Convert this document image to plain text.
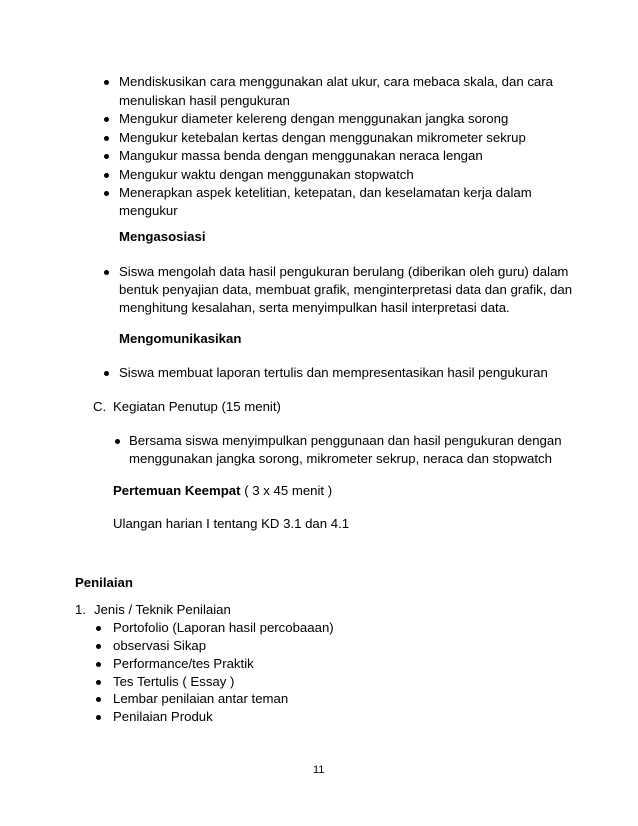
Mendiskusikan cara menggunakan alat ukur, cara mebaca skala, dan cara
menuliskan hasil pengukuran
Mengukur diameter kelereng dengan menggunakan jangka sorong
Mengukur ketebalan kertas dengan menggunakan mikrometer sekrup
Mangukur massa benda dengan menggunakan neraca lengan
Mengukur waktu dengan menggunakan stopwatch
Menerapkan aspek ketelitian, ketepatan, dan keselamatan kerja dalam
mengukur
Mengasosiasi
Siswa mengolah data hasil pengukuran berulang (diberikan oleh guru) dalam
bentuk penyajian data, membuat grafik, menginterpretasi data dan grafik, dan
menghitung kesalahan, serta menyimpulkan hasil interpretasi data.
Mengomunikasikan
Siswa membuat laporan tertulis dan mempresentasikan hasil pengukuran
C. Kegiatan Penutup (15 menit)
Bersama siswa menyimpulkan penggunaan dan hasil pengukuran dengan
menggunakan jangka sorong, mikrometer sekrup, neraca dan stopwatch
Pertemuan Keempat ( 3 x 45 menit )
Ulangan harian I tentang KD 3.1 dan 4.1
Penilaian
1. Jenis / Teknik Penilaian
Portofolio (Laporan hasil percobaaan)
observasi Sikap
Performance/tes Praktik
Tes Tertulis ( Essay )
Lembar penilaian antar teman
Penilaian Produk
11
